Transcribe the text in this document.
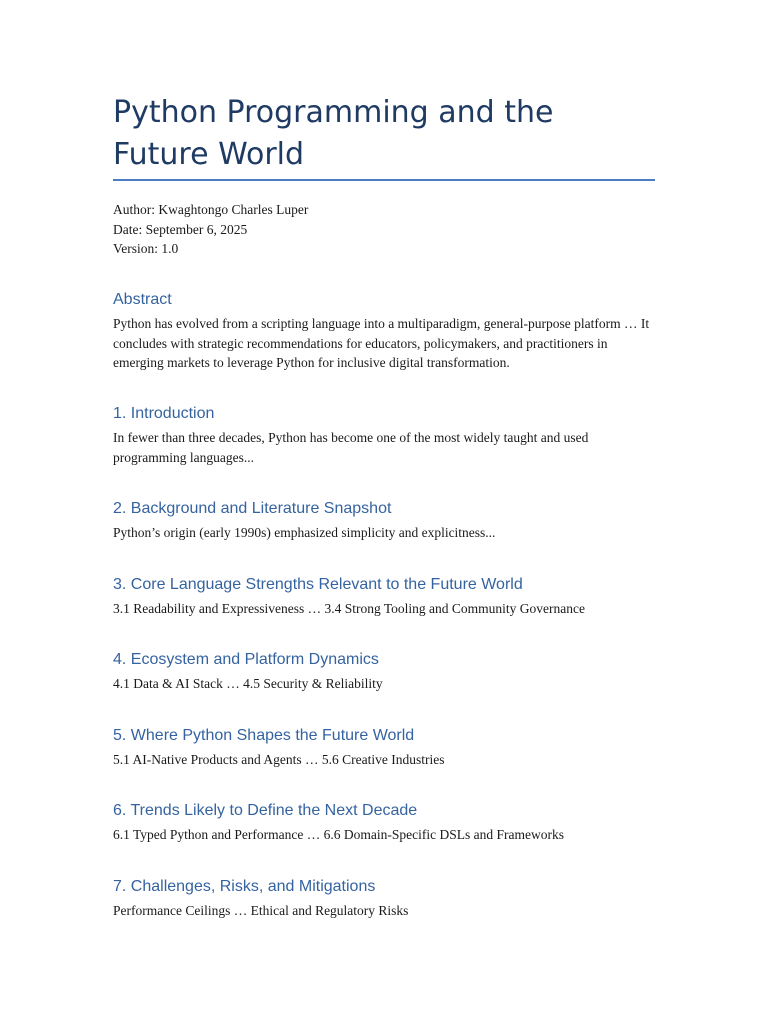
Python Programming and the Future World
Author: Kwaghtongo Charles Luper
Date: September 6, 2025
Version: 1.0
Abstract

Python has evolved from a scripting language into a multiparadigm, general-purpose platform … It concludes with strategic recommendations for educators, policymakers, and practitioners in emerging markets to leverage Python for inclusive digital transformation.

1. Introduction

In fewer than three decades, Python has become one of the most widely taught and used programming languages...

2. Background and Literature Snapshot

Python’s origin (early 1990s) emphasized simplicity and explicitness...

3. Core Language Strengths Relevant to the Future World

3.1 Readability and Expressiveness … 3.4 Strong Tooling and Community Governance

4. Ecosystem and Platform Dynamics

4.1 Data & AI Stack … 4.5 Security & Reliability

5. Where Python Shapes the Future World

5.1 AI-Native Products and Agents … 5.6 Creative Industries

6. Trends Likely to Define the Next Decade

6.1 Typed Python and Performance … 6.6 Domain-Specific DSLs and Frameworks

7. Challenges, Risks, and Mitigations

Performance Ceilings … Ethical and Regulatory Risks
